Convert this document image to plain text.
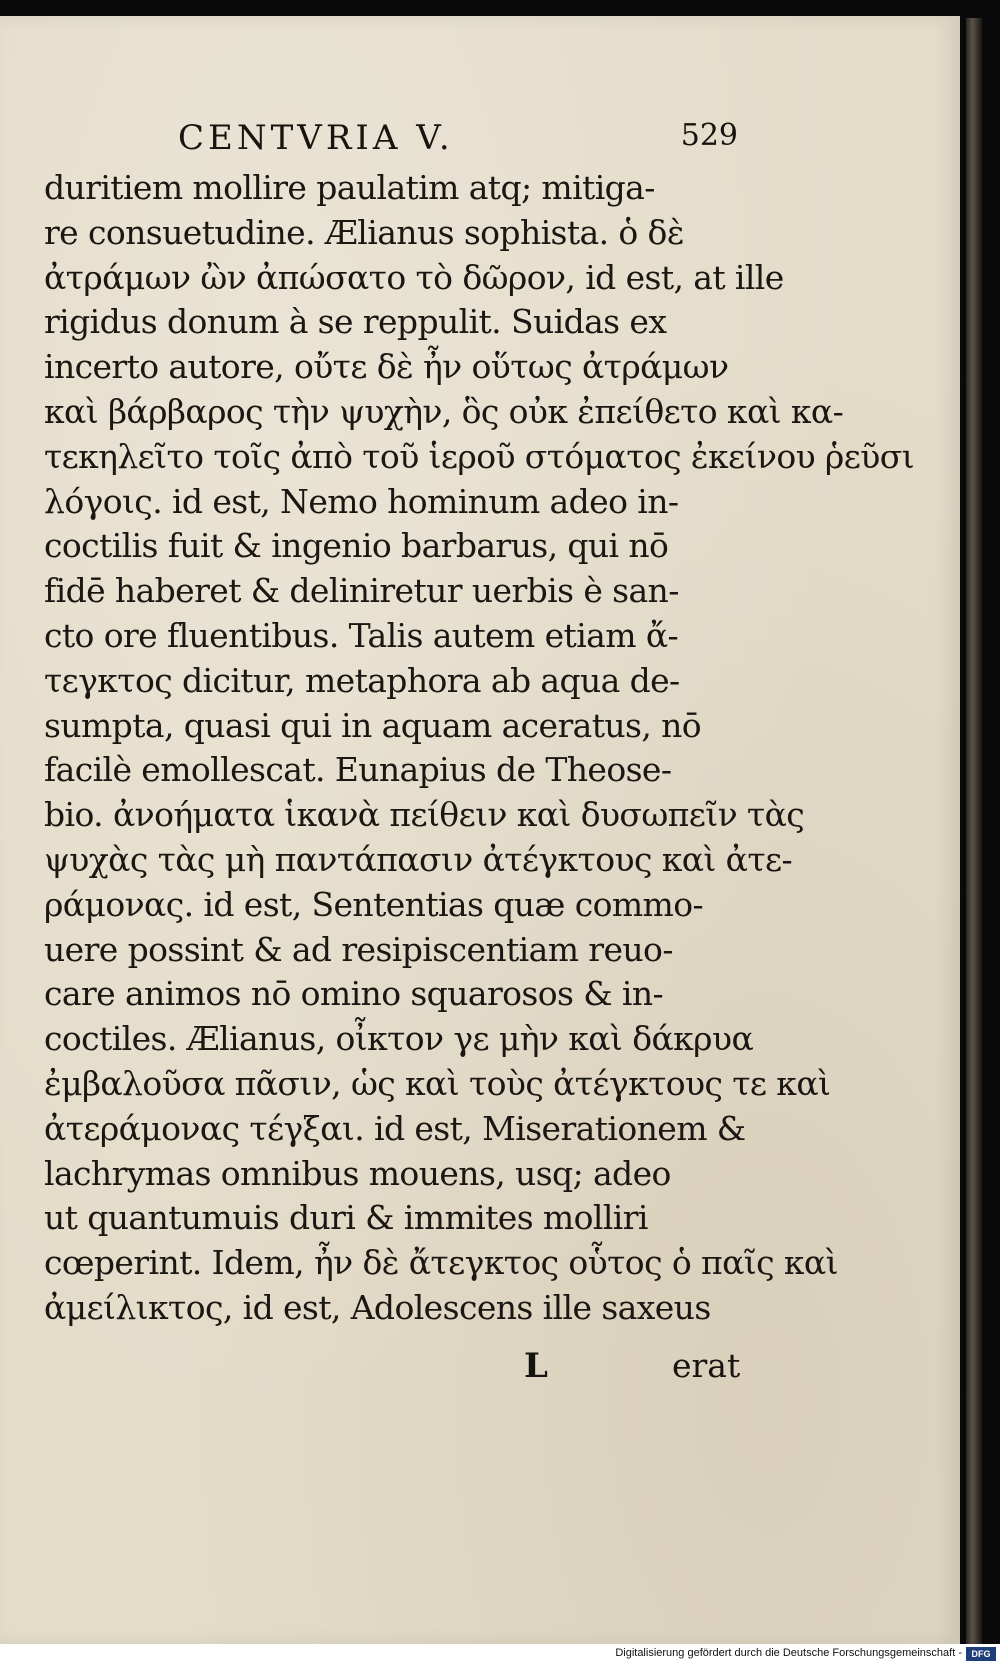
CENTVRIA V.	529
duritiem mollire paulatim atq; mitiga-
re consuetudine. Ælianus sophista. ὁ δὲ
ἀτράμων ὢν ἀπώσατο τὸ δῶρον, id est, at ille
rigidus donum à se reppulit. Suidas ex
incerto autore, οὔτε δὲ ἦν οὕτως ἀτράμων
καὶ βάρβαρος τὴν ψυχὴν, ὃς οὐκ ἐπείθετο καὶ κα-
τεκηλεῖτο τοῖς ἀπὸ τοῦ ἱεροῦ στόματος ἐκείνου ῥεῦσι
λόγοις. id est, Nemo hominum adeo in-
coctilis fuit & ingenio barbarus, qui nō
fidē haberet & deliniretur uerbis è san-
cto ore fluentibus. Talis autem etiam ἄ-
τεγκτος dicitur, metaphora ab aqua de-
sumpta, quasi qui in aquam aceratus, nō
facilè emollescat. Eunapius de Theose-
bio. ἀνοήματα ἱκανὰ πείθειν καὶ δυσωπεῖν τὰς
ψυχὰς τὰς μὴ παντάπασιν ἀτέγκτους καὶ ἀτε-
ράμονας. id est, Sententias quæ commo-
uere possint & ad resipiscentiam reuo-
care animos nō omino squarosos & in-
coctiles. Ælianus, οἶκτον γε μὴν καὶ δάκρυα
ἐμβαλοῦσα πᾶσιν, ὡς καὶ τοὺς ἀτέγκτους τε καὶ
ἀτεράμονας τέγξαι. id est, Miserationem &
lachrymas omnibus mouens, usq; adeo
ut quantumuis duri & immites molliri
cœperint. Idem, ἦν δὲ ἄτεγκτος οὗτος ὁ παῖς καὶ
ἀμείλικτος, id est, Adolescens ille saxeus
L	erat
Digitalisierung gefördert durch die Deutsche Forschungsgemeinschaft -	DFG
